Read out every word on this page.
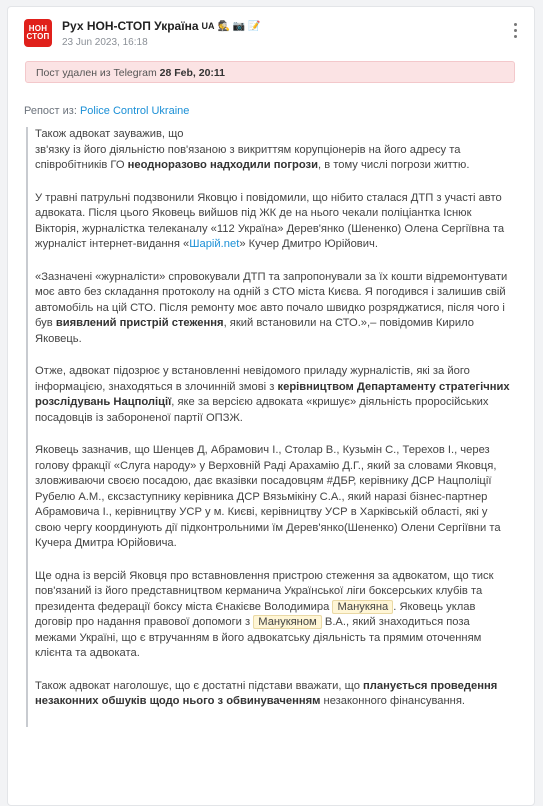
НОН
СТОП
Рух НОН-СТОП Україна UA 🕵 📷 📝
23 Jun 2023, 16:18
Пост удален из Telegram 28 Feb, 20:11
Репост из: Police Control Ukraine

Також адвокат зауважив, що
зв'язку із його діяльністю пов'язаною з викриттям корупціонерів на його адресу та співробітників ГО неодноразово надходили погрози, в тому числі погрози життю.

У травні патрульні подзвонили Яковцю і повідомили, що нібито сталася ДТП з участі авто адвоката. Після цього Яковець вийшов під ЖК де на нього чекали поліціантка Існюк Вікторія, журналістка телеканалу «112 Україна» Дерев'янко (Шененко) Олена Сергіївна та журналіст інтернет-видання «Шарій.net» Кучер Дмитро Юрійович.

«Зазначені «журналісти» спровокували ДТП та запропонували за їх кошти відремонтувати моє авто без складання протоколу на одній з СТО міста Києва. Я погодився і залишив свій автомобіль на цій СТО. Після ремонту моє авто почало швидко розряджатися, після чого і був виявлений пристрій стеження, який встановили на СТО.»,– повідомив Кирило Яковець.

Отже, адвокат підозрює у встановленні невідомого приладу журналістів, які за його інформацією, знаходяться в злочинній змові з керівництвом Департаменту стратегічних розслідувань Нацполіції, яке за версією адвоката «кришує» діяльність проросійських посадовців із забороненої партії ОПЗЖ.

Яковець зазначив, що Шенцев Д, Абрамович І., Столар В., Кузьмін С., Терехов І., через голову фракції «Слуга народу» у Верховній Раді Арахамію Д.Г., який за словами Яковця, зловживаючи своєю посадою, дає вказівки посадовцям #ДБР, керівнику ДСР Нацполіції Рубелю А.М., єксзаступнику керівника ДСР Вязьмікіну С.А., який наразі бізнес-партнер Абрамовича І., керівництву УСР у м. Києві, керівництву УСР в Харківській області, які у свою чергу координують дії підконтрольними їм Дерев'янко(Шененко) Олени Сергіївни та Кучера Дмитра Юрійовича.

Ще одна із версій Яковця про вставновлення пристрою стеження за адвокатом, що тиск пов'язаний із його представництвом керманича Української ліги боксерських клубів та президента федерації боксу міста Єнакієве Володимира Манукяна . Яковець уклав договір про надання правової допомоги з Манукяном В.А., який знаходиться поза межами Україні, що є втручанням в його адвокатську діяльність та прямим оточенням клієнта та адвоката.

Також адвокат наголошує, що є достатні підстави вважати, що планується проведення незаконних обшуків щодо нього з обвинуваченням незаконного фінансування.
